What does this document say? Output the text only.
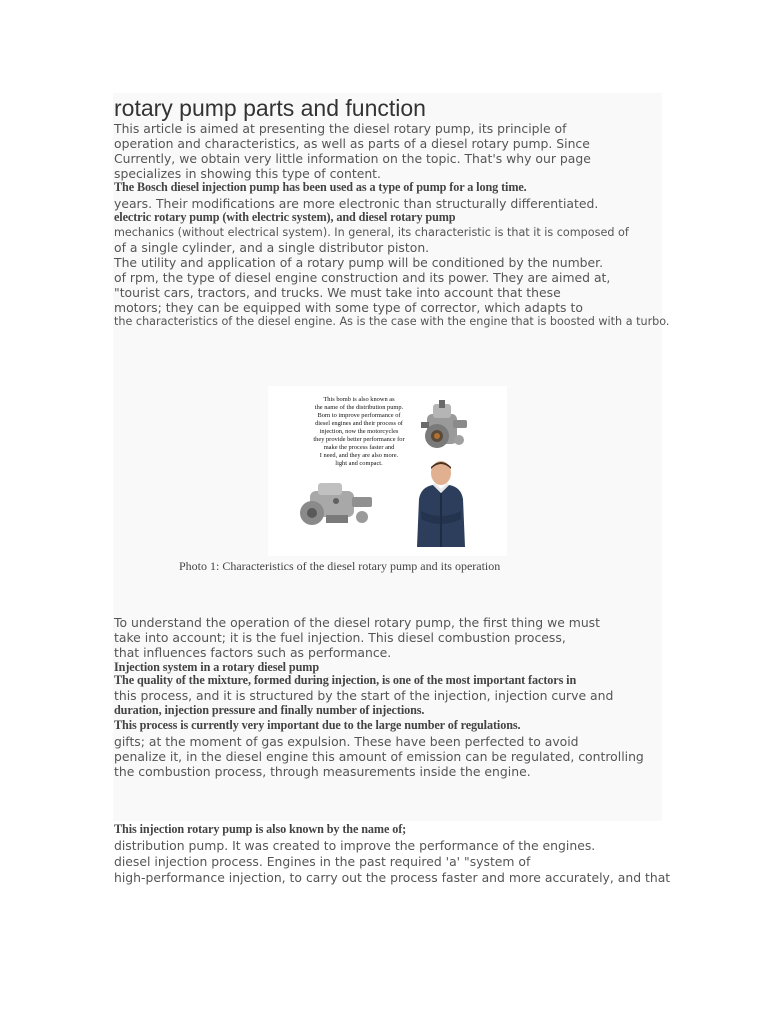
rotary pump parts and function
This article is aimed at presenting the diesel rotary pump, its principle of
operation and characteristics, as well as parts of a diesel rotary pump. Since
Currently, we obtain very little information on the topic. That's why our page
specializes in showing this type of content.
The Bosch diesel injection pump has been used as a type of pump for a long time.
years. Their modifications are more electronic than structurally differentiated.
electric rotary pump (with electric system), and diesel rotary pump
mechanics (without electrical system). In general, its characteristic is that it is composed of
of a single cylinder, and a single distributor piston.
The utility and application of a rotary pump will be conditioned by the number.
of rpm, the type of diesel engine construction and its power. They are aimed at,
"tourist cars, tractors, and trucks. We must take into account that these
motors; they can be equipped with some type of corrector, which adapts to
the characteristics of the diesel engine. As is the case with the engine that is boosted with a turbo.
This bomb is also known as
the name of the distribution pump.
Born to improve performance of
diesel engines and their process of
injection, now the motorcycles
they provide better performance for
make the process faster and
I need, and they are also more.
light and compact.
Photo 1: Characteristics of the diesel rotary pump and its operation
To understand the operation of the diesel rotary pump, the first thing we must
take into account; it is the fuel injection. This diesel combustion process,
that influences factors such as performance.
Injection system in a rotary diesel pump
The quality of the mixture, formed during injection, is one of the most important factors in
this process, and it is structured by the start of the injection, injection curve and
duration, injection pressure and finally number of injections.
This process is currently very important due to the large number of regulations.
gifts; at the moment of gas expulsion. These have been perfected to avoid
penalize it, in the diesel engine this amount of emission can be regulated, controlling
the combustion process, through measurements inside the engine.
This injection rotary pump is also known by the name of;
distribution pump. It was created to improve the performance of the engines.
diesel injection process. Engines in the past required 'a' "system of
high-performance injection, to carry out the process faster and more accurately, and that
